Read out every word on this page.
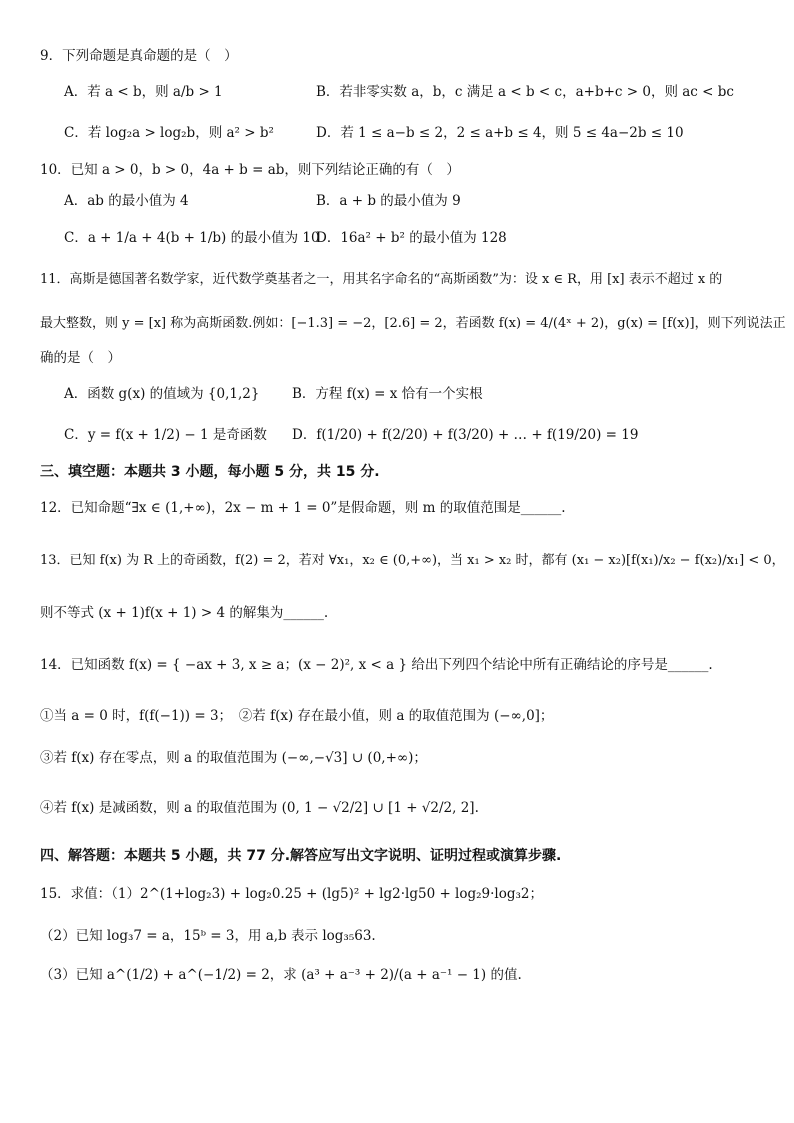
9．下列命题是真命题的是（　）
A．若 a < b，则 a/b > 1	B．若非零实数 a，b，c 满足 a < b < c，a+b+c > 0，则 ac < bc
C．若 log₂a > log₂b，则 a² > b²	D．若 1 ≤ a−b ≤ 2，2 ≤ a+b ≤ 4，则 5 ≤ 4a−2b ≤ 10
10．已知 a > 0，b > 0，4a + b = ab，则下列结论正确的有（　）
A．ab 的最小值为 4	B．a + b 的最小值为 9
C．a + 1/a + 4(b + 1/b) 的最小值为 10
D．16a² + b² 的最小值为 128
11．高斯是德国著名数学家，近代数学奠基者之一，用其名字命名的“高斯函数”为：设 x ∈ R，用 [x] 表示不超过 x 的
最大整数，则 y = [x] 称为高斯函数.例如：[−1.3] = −2，[2.6] = 2，若函数 f(x) = 4/(4ˣ + 2)，g(x) = [f(x)]，则下列说法正
确的是（　）
A．函数 g(x) 的值域为 {0,1,2} B．方程 f(x) = x 恰有一个实根
C．y = f(x + 1/2) − 1 是奇函数 D．f(1/20) + f(2/20) + f(3/20) + … + f(19/20) = 19
三、填空题：本题共 3 小题，每小题 5 分，共 15 分.
12．已知命题“∃x ∈ (1,+∞)，2x − m + 1 = 0”是假命题，则 m 的取值范围是______.
13．已知 f(x) 为 R 上的奇函数，f(2) = 2，若对 ∀x₁，x₂ ∈ (0,+∞)，当 x₁ > x₂ 时，都有 (x₁ − x₂)[f(x₁)/x₂ − f(x₂)/x₁] < 0，
则不等式 (x + 1)f(x + 1) > 4 的解集为______.
14．已知函数 f(x) = { −ax + 3, x ≥ a；(x − 2)², x < a } 给出下列四个结论中所有正确结论的序号是______.
①当 a = 0 时，f(f(−1)) = 3；　②若 f(x) 存在最小值，则 a 的取值范围为 (−∞,0]；
③若 f(x) 存在零点，则 a 的取值范围为 (−∞,−√3] ∪ (0,+∞)；
④若 f(x) 是减函数，则 a 的取值范围为 (0, 1 − √2/2] ∪ [1 + √2/2, 2].
四、解答题：本题共 5 小题，共 77 分.解答应写出文字说明、证明过程或演算步骤.
15．求值：（1）2^(1+log₂3) + log₂0.25 + (lg5)² + lg2·lg50 + log₂9·log₃2；
（2）已知 log₃7 = a，15ᵇ = 3，用 a,b 表示 log₃₅63.
（3）已知 a^(1/2) + a^(−1/2) = 2，求 (a³ + a⁻³ + 2)/(a + a⁻¹ − 1) 的值.
